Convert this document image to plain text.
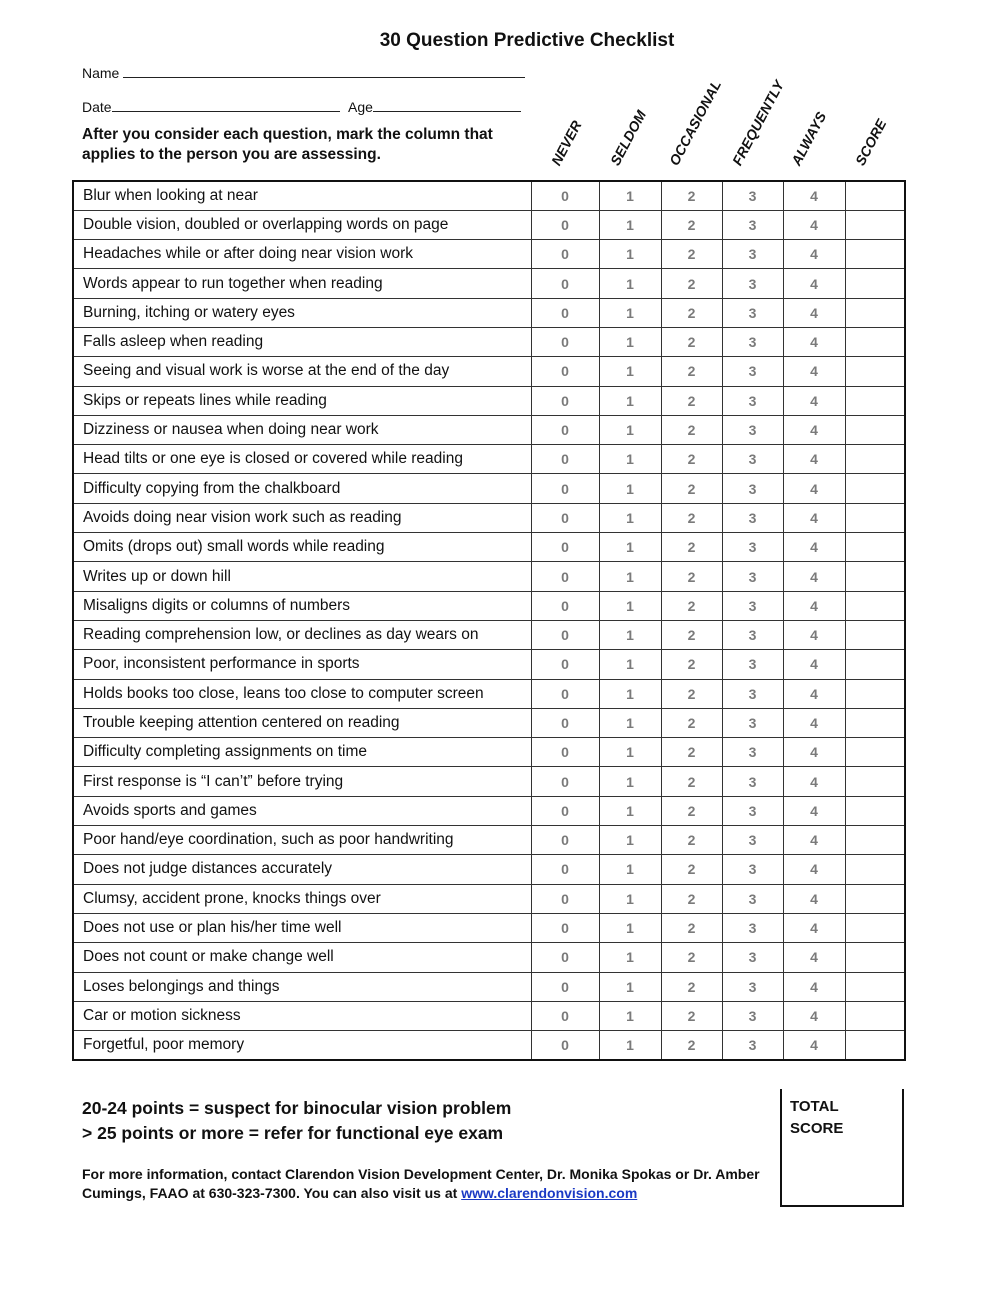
30 Question Predictive Checklist
Name
Date	Age
After you consider each question, mark the column that applies to the person you are assessing.	NEVER SELDOM OCCASIONAL FREQUENTLY ALWAYS SCORE
Blur when looking at near	0	1	2	3	4	
Double vision, doubled or overlapping words on page	0	1	2	3	4	
Headaches while or after doing near vision work	0	1	2	3	4	
Words appear to run together when reading	0	1	2	3	4	
Burning, itching or watery eyes	0	1	2	3	4	
Falls asleep when reading	0	1	2	3	4	
Seeing and visual work is worse at the end of the day	0	1	2	3	4	
Skips or repeats lines while reading	0	1	2	3	4	
Dizziness or nausea when doing near work	0	1	2	3	4	
Head tilts or one eye is closed or covered while reading	0	1	2	3	4	
Difficulty copying from the chalkboard	0	1	2	3	4	
Avoids doing near vision work such as reading	0	1	2	3	4	
Omits (drops out) small words while reading	0	1	2	3	4	
Writes up or down hill	0	1	2	3	4	
Misaligns digits or columns of numbers	0	1	2	3	4	
Reading comprehension low, or declines as day wears on	0	1	2	3	4	
Poor, inconsistent performance in sports	0	1	2	3	4	
Holds books too close, leans too close to computer screen	0	1	2	3	4	
Trouble keeping attention centered on reading	0	1	2	3	4	
Difficulty completing assignments on time	0	1	2	3	4	
First response is “I can’t” before trying	0	1	2	3	4	
Avoids sports and games	0	1	2	3	4	
Poor hand/eye coordination, such as poor handwriting	0	1	2	3	4	
Does not judge distances accurately	0	1	2	3	4	
Clumsy, accident prone, knocks things over	0	1	2	3	4	
Does not use or plan his/her time well	0	1	2	3	4	
Does not count or make change well	0	1	2	3	4	
Loses belongings and things	0	1	2	3	4	
Car or motion sickness	0	1	2	3	4	
Forgetful, poor memory	0	1	2	3	4	
20-24 points = suspect for binocular vision problem
> 25 points or more = refer for functional eye exam
TOTAL
SCORE
For more information, contact Clarendon Vision Development Center, Dr. Monika Spokas or Dr. Amber Cumings, FAAO at 630-323-7300. You can also visit us at www.clarendonvision.com
